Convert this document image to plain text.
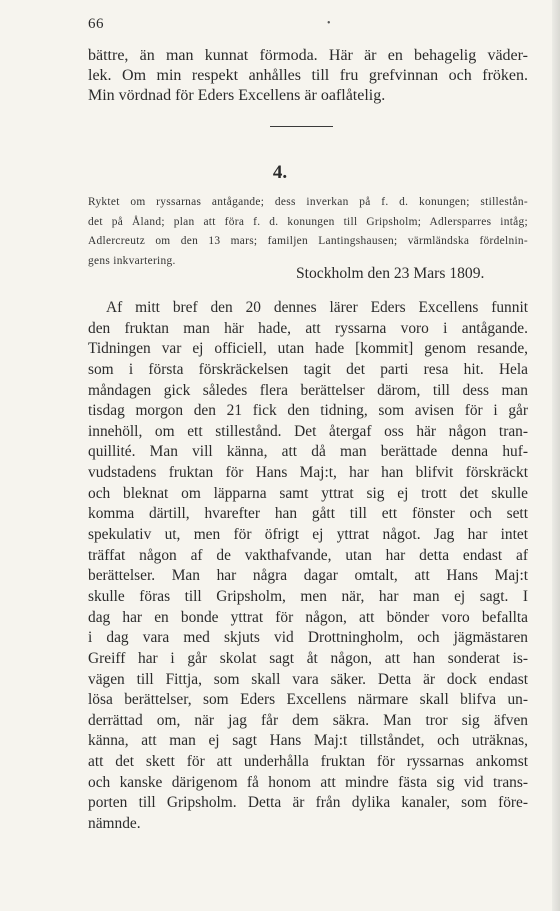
66	•
bättre, än man kunnat förmoda. Här är en behagelig väder-
lek. Om min respekt anhålles till fru grefvinnan och fröken.
Min vördnad för Eders Excellens är oaflåtelig.
4.
Ryktet om ryssarnas antågande; dess inverkan på f. d. konungen; stillestån-
det på Åland; plan att föra f. d. konungen till Gripsholm; Adlersparres intåg;
Adlercreutz om den 13 mars; familjen Lantingshausen; värmländska fördelnin-
gens inkvartering.
Stockholm den 23 Mars 1809.
Af mitt bref den 20 dennes lärer Eders Excellens funnit
den fruktan man här hade, att ryssarna voro i antågande.
Tidningen var ej officiell, utan hade [kommit] genom resande,
som i första förskräckelsen tagit det parti resa hit. Hela
måndagen gick således flera berättelser därom, till dess man
tisdag morgon den 21 fick den tidning, som avisen för i går
innehöll, om ett stillestånd. Det återgaf oss här någon tran-
quillité. Man vill känna, att då man berättade denna huf-
vudstadens fruktan för Hans Maj:t, har han blifvit förskräckt
och bleknat om läpparna samt yttrat sig ej trott det skulle
komma därtill, hvarefter han gått till ett fönster och sett
spekulativ ut, men för öfrigt ej yttrat något. Jag har intet
träffat någon af de vakthafvande, utan har detta endast af
berättelser. Man har några dagar omtalt, att Hans Maj:t
skulle föras till Gripsholm, men när, har man ej sagt. I
dag har en bonde yttrat för någon, att bönder voro befallta
i dag vara med skjuts vid Drottningholm, och jägmästaren
Greiff har i går skolat sagt åt någon, att han sonderat is-
vägen till Fittja, som skall vara säker. Detta är dock endast
lösa berättelser, som Eders Excellens närmare skall blifva un-
derrättad om, när jag får dem säkra. Man tror sig äfven
känna, att man ej sagt Hans Maj:t tillståndet, och uträknas,
att det skett för att underhålla fruktan för ryssarnas ankomst
och kanske därigenom få honom att mindre fästa sig vid trans-
porten till Gripsholm. Detta är från dylika kanaler, som före-
nämnde.
